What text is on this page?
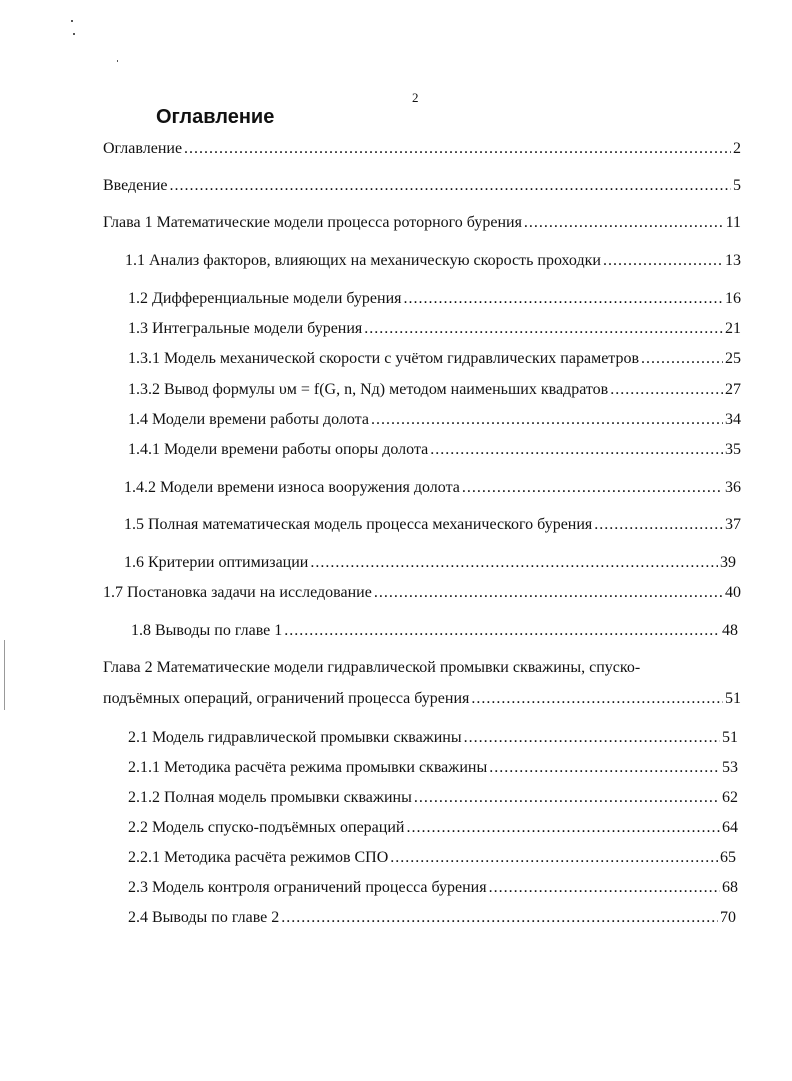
2
Оглавление
Оглавление .....	2
Введение .....	5
Глава 1 Математические модели процесса роторного бурения .....	11
1.1 Анализ факторов, влияющих на механическую скорость проходки .....	13
1.2 Дифференциальные модели бурения .....	16
1.3 Интегральные модели бурения .....	21
1.3.1 Модель механической скорости с учётом гидравлических параметров .....	25
1.3.2 Вывод формулы υм = f(G, n, Nд) методом наименьших квадратов .....	27
1.4 Модели времени работы долота .....	34
1.4.1 Модели времени работы опоры долота .....	35
1.4.2 Модели времени износа вооружения долота .....	36
1.5 Полная математическая модель процесса механического бурения .....	37
1.6 Критерии оптимизации .....	39
1.7 Постановка задачи на исследование .....	40
1.8 Выводы по главе 1 .....	48
Глава 2 Математические модели гидравлической промывки скважины, спуско-
подъёмных операций, ограничений процесса бурения .....	51
2.1 Модель гидравлической промывки скважины .....	51
2.1.1 Методика расчёта режима промывки скважины .....	53
2.1.2 Полная модель промывки скважины .....	62
2.2 Модель спуско-подъёмных операций .....	64
2.2.1 Методика расчёта режимов СПО .....	65
2.3 Модель контроля ограничений процесса бурения .....	68
2.4 Выводы по главе 2 .....	70
